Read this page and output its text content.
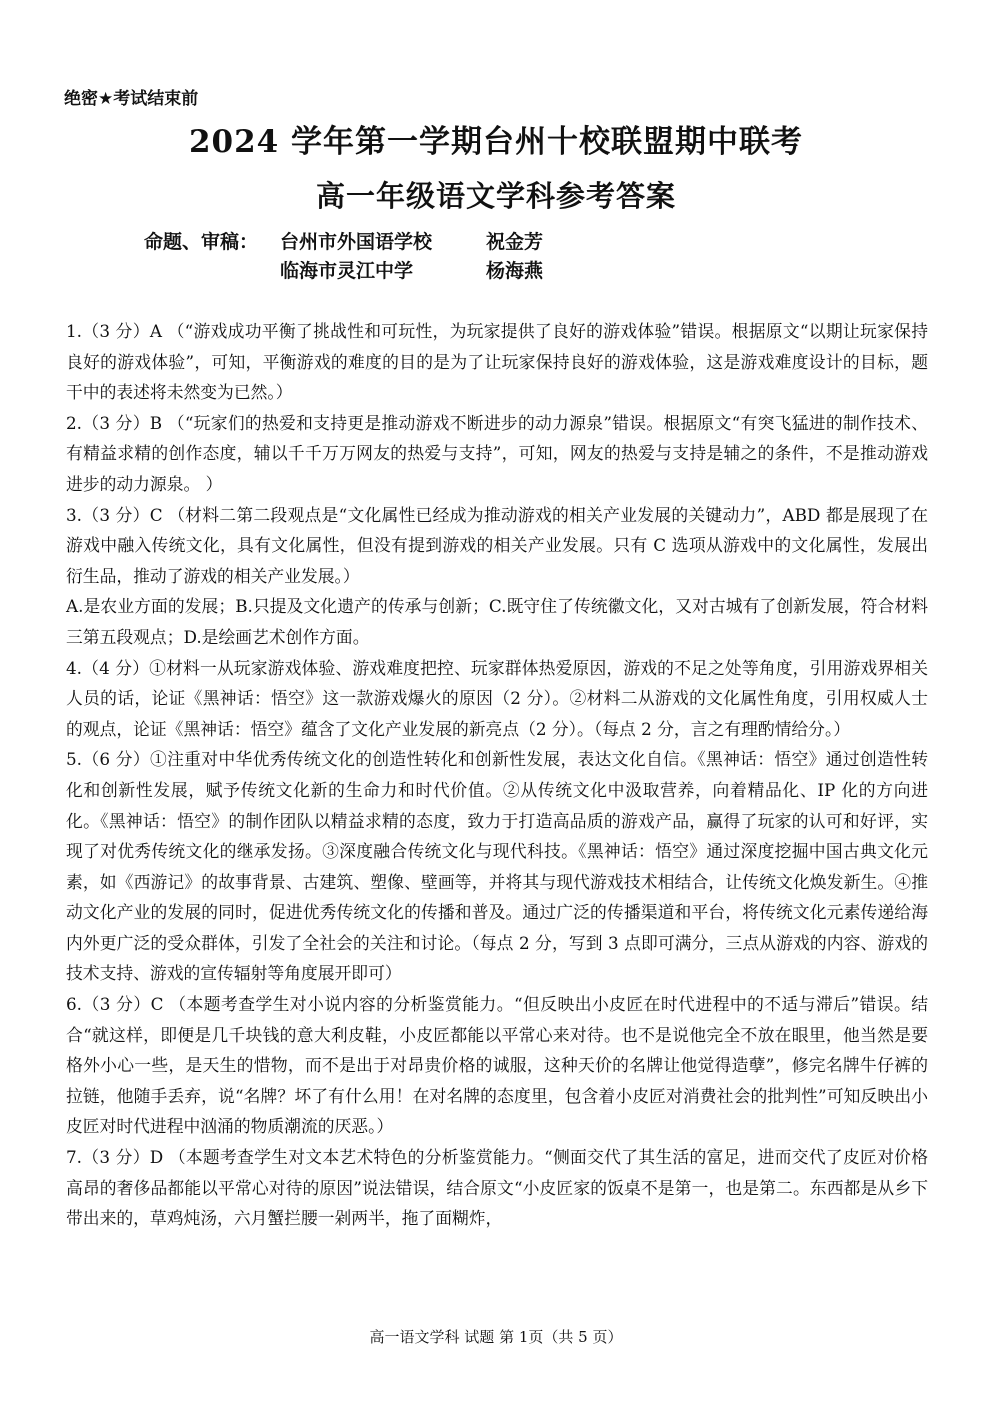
绝密★考试结束前
2024 学年第一学期台州十校联盟期中联考
高一年级语文学科参考答案
命题、审稿： 台州市外国语学校	祝金芳
临海市灵江中学	杨海燕

1.（3 分）A （“游戏成功平衡了挑战性和可玩性，为玩家提供了良好的游戏体验”错误。根据原文“以期让玩家保持良好的游戏体验”，可知，平衡游戏的难度的目的是为了让玩家保持良好的游戏体验，这是游戏难度设计的目标，题干中的表述将未然变为已然。）

2.（3 分）B （“玩家们的热爱和支持更是推动游戏不断进步的动力源泉”错误。根据原文“有突飞猛进的制作技术、有精益求精的创作态度，辅以千千万万网友的热爱与支持”，可知，网友的热爱与支持是辅之的条件，不是推动游戏进步的动力源泉。 ）

3.（3 分）C （材料二第二段观点是“文化属性已经成为推动游戏的相关产业发展的关键动力”，ABD 都是展现了在游戏中融入传统文化，具有文化属性，但没有提到游戏的相关产业发展。只有 C 选项从游戏中的文化属性，发展出衍生品，推动了游戏的相关产业发展。）

A.是农业方面的发展；B.只提及文化遗产的传承与创新；C.既守住了传统徽文化，又对古城有了创新发展，符合材料三第五段观点；D.是绘画艺术创作方面。

4.（4 分）①材料一从玩家游戏体验、游戏难度把控、玩家群体热爱原因，游戏的不足之处等角度，引用游戏界相关人员的话，论证《黑神话：悟空》这一款游戏爆火的原因（2 分）。②材料二从游戏的文化属性角度，引用权威人士的观点，论证《黑神话：悟空》蕴含了文化产业发展的新亮点（2 分）。（每点 2 分，言之有理酌情给分。）

5.（6 分）①注重对中华优秀传统文化的创造性转化和创新性发展，表达文化自信。《黑神话：悟空》通过创造性转化和创新性发展，赋予传统文化新的生命力和时代价值。②从传统文化中汲取营养，向着精品化、IP 化的方向进化。《黑神话：悟空》的制作团队以精益求精的态度，致力于打造高品质的游戏产品，赢得了玩家的认可和好评，实现了对优秀传统文化的继承发扬。③深度融合传统文化与现代科技。《黑神话：悟空》通过深度挖掘中国古典文化元素，如《西游记》的故事背景、古建筑、塑像、壁画等，并将其与现代游戏技术相结合，让传统文化焕发新生。④推动文化产业的发展的同时，促进优秀传统文化的传播和普及。通过广泛的传播渠道和平台，将传统文化元素传递给海内外更广泛的受众群体，引发了全社会的关注和讨论。（每点 2 分，写到 3 点即可满分，三点从游戏的内容、游戏的技术支持、游戏的宣传辐射等角度展开即可）

6.（3 分）C （本题考查学生对小说内容的分析鉴赏能力。“但反映出小皮匠在时代进程中的不适与滞后”错误。结合“就这样，即便是几千块钱的意大利皮鞋，小皮匠都能以平常心来对待。也不是说他完全不放在眼里，他当然是要格外小心一些，是天生的惜物，而不是出于对昂贵价格的诚服，这种天价的名牌让他觉得造孽”，修完名牌牛仔裤的拉链，他随手丢弃，说“名牌？坏了有什么用！在对名牌的态度里，包含着小皮匠对消费社会的批判性”可知反映出小皮匠对时代进程中汹涌的物质潮流的厌恶。）

7.（3 分）D （本题考查学生对文本艺术特色的分析鉴赏能力。“侧面交代了其生活的富足，进而交代了皮匠对价格高昂的奢侈品都能以平常心对待的原因”说法错误，结合原文“小皮匠家的饭桌不是第一，也是第二。东西都是从乡下带出来的，草鸡炖汤，六月蟹拦腰一剁两半，拖了面糊炸，

高一语文学科 试题 第 1页（共 5 页）
